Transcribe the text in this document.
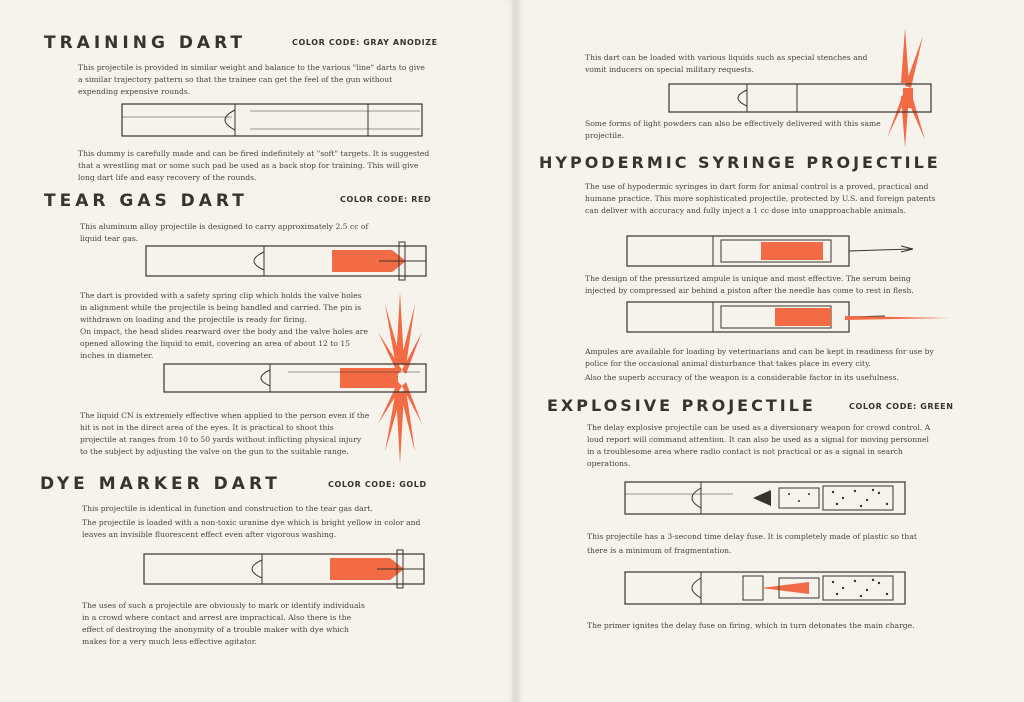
TRAINING DART	COLOR CODE: GRAY ANODIZE

This projectile is provided in similar weight and balance to the various "line" darts to give a similar trajectory pattern so that the trainee can get the feel of the gun without expending expensive rounds.

This dummy is carefully made and can be fired indefinitely at "soft" targets. It is suggested that a wrestling mat or some such pad be used as a back stop for training. This will give long dart life and easy recovery of the rounds.

TEAR GAS DART	COLOR CODE: RED

This aluminum alloy projectile is designed to carry approximately 2.5 cc of liquid tear gas.

The dart is provided with a safety spring clip which holds the valve holes in alignment while the projectile is being handled and carried. The pin is withdrawn on loading and the projectile is ready for firing.

On impact, the head slides rearward over the body and the valve holes are opened allowing the liquid to emit, covering an area of about 12 to 15 inches in diameter.

The liquid CN is extremely effective when applied to the person even if the hit is not in the direct area of the eyes. It is practical to shoot this projectile at ranges from 10 to 50 yards without inflicting physical injury to the subject by adjusting the valve on the gun to the suitable range.

DYE MARKER DART	COLOR CODE: GOLD

This projectile is identical in function and construction to the tear gas dart.

The projectile is loaded with a non-toxic uranine dye which is bright yellow in color and leaves an invisible fluorescent effect even after vigorous washing.

The uses of such a projectile are obviously to mark or identify individuals in a crowd where contact and arrest are impractical. Also there is the effect of destroying the anonymity of a trouble maker with dye which makes for a very much less effective agitator.

This dart can be loaded with various liquids such as special stenches and vomit inducers on special military requests.

Some forms of light powders can also be effectively delivered with this same projectile.

HYPODERMIC SYRINGE PROJECTILE

The use of hypodermic syringes in dart form for animal control is a proved, practical and humane practice. This more sophisticated projectile, protected by U.S. and foreign patents can deliver with accuracy and fully inject a 1 cc dose into unapproachable animals.

The design of the pressurized ampule is unique and most effective. The serum being injected by compressed air behind a piston after the needle has come to rest in flesh.

Ampules are available for loading by veterinarians and can be kept in readiness for use by police for the occasional animal disturbance that takes place in every city.

Also the superb accuracy of the weapon is a considerable factor in its usefulness.

EXPLOSIVE PROJECTILE	COLOR CODE: GREEN

The delay explosive projectile can be used as a diversionary weapon for crowd control. A loud report will command attention. It can also be used as a signal for moving personnel in a troublesome area where radio contact is not practical or as a signal in search operations.

This projectile has a 3-second time delay fuse. It is completely made of plastic so that there is a minimum of fragmentation.

The primer ignites the delay fuse on firing, which in turn detonates the main charge.
